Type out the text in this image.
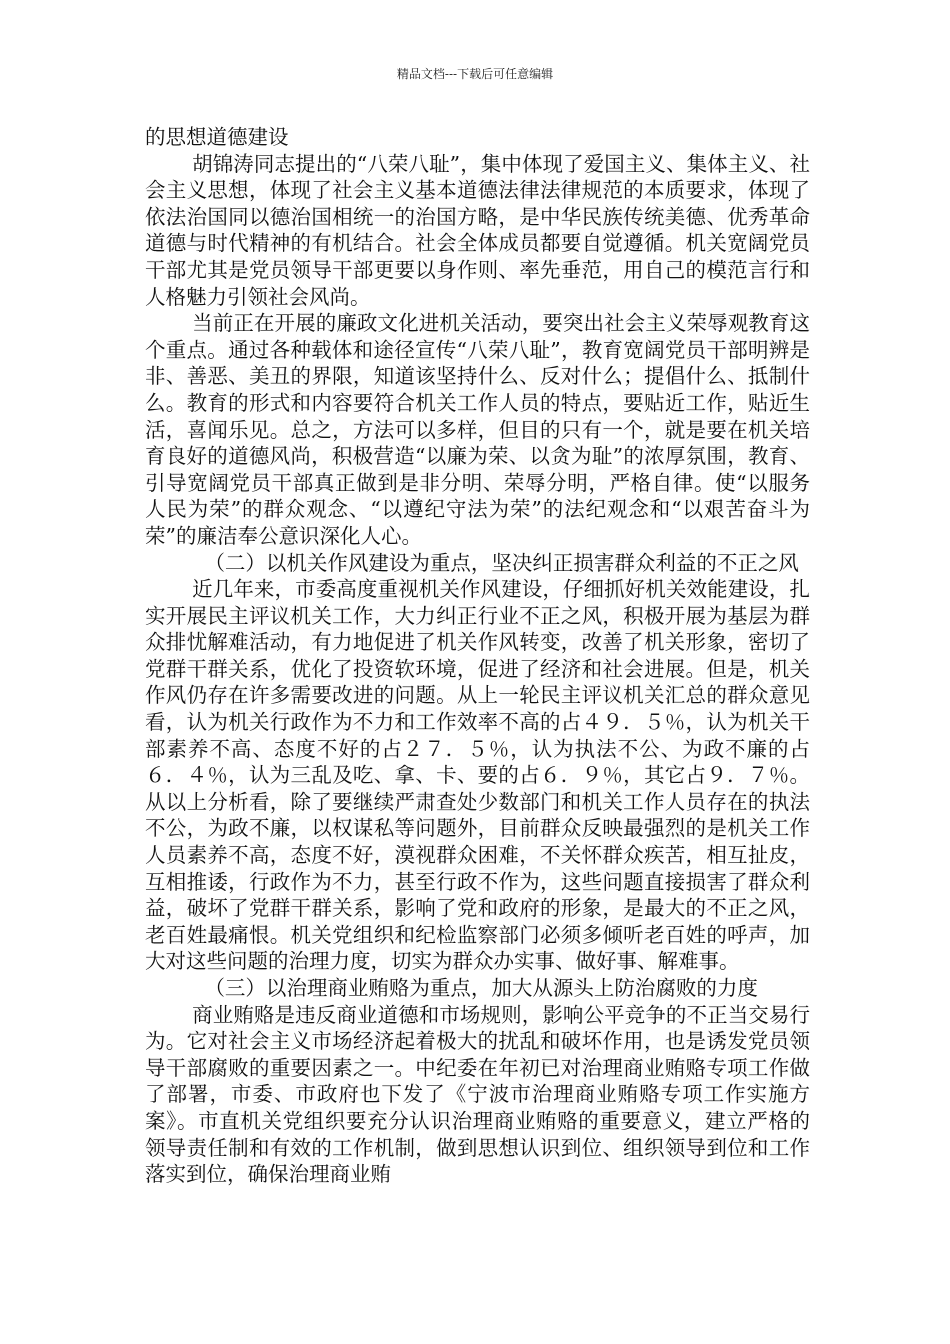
精品文档---下载后可任意编辑

的思想道德建设

胡锦涛同志提出的“八荣八耻”，集中体现了爱国主义、集体主义、社会主义思想，体现了社会主义基本道德法律法律规范的本质要求，体现了依法治国同以德治国相统一的治国方略，是中华民族传统美德、优秀革命道德与时代精神的有机结合。社会全体成员都要自觉遵循。机关宽阔党员干部尤其是党员领导干部更要以身作则、率先垂范，用自己的模范言行和人格魅力引领社会风尚。

当前正在开展的廉政文化进机关活动，要突出社会主义荣辱观教育这个重点。通过各种载体和途径宣传“八荣八耻”，教育宽阔党员干部明辨是非、善恶、美丑的界限，知道该坚持什么、反对什么；提倡什么、抵制什么。教育的形式和内容要符合机关工作人员的特点，要贴近工作，贴近生活，喜闻乐见。总之，方法可以多样，但目的只有一个，就是要在机关培育良好的道德风尚，积极营造“以廉为荣、以贪为耻”的浓厚氛围，教育、引导宽阔党员干部真正做到是非分明、荣辱分明，严格自律。使“以服务人民为荣”的群众观念、“以遵纪守法为荣”的法纪观念和“以艰苦奋斗为荣”的廉洁奉公意识深化人心。

（二）以机关作风建设为重点，坚决纠正损害群众利益的不正之风

近几年来，市委高度重视机关作风建设，仔细抓好机关效能建设，扎实开展民主评议机关工作，大力纠正行业不正之风，积极开展为基层为群众排忧解难活动，有力地促进了机关作风转变，改善了机关形象，密切了党群干群关系，优化了投资软环境，促进了经济和社会进展。但是，机关作风仍存在许多需要改进的问题。从上一轮民主评议机关汇总的群众意见看，认为机关行政作为不力和工作效率不高的占４９．５％，认为机关干部素养不高、态度不好的占２７．５％，认为执法不公、为政不廉的占６．４％，认为三乱及吃、拿、卡、要的占６．９％，其它占９．７％。从以上分析看，除了要继续严肃查处少数部门和机关工作人员存在的执法不公，为政不廉，以权谋私等问题外，目前群众反映最强烈的是机关工作人员素养不高，态度不好，漠视群众困难，不关怀群众疾苦，相互扯皮，互相推诿，行政作为不力，甚至行政不作为，这些问题直接损害了群众利益，破坏了党群干群关系，影响了党和政府的形象，是最大的不正之风，老百姓最痛恨。机关党组织和纪检监察部门必须多倾听老百姓的呼声，加大对这些问题的治理力度，切实为群众办实事、做好事、解难事。

（三）以治理商业贿赂为重点，加大从源头上防治腐败的力度

商业贿赂是违反商业道德和市场规则，影响公平竞争的不正当交易行为。它对社会主义市场经济起着极大的扰乱和破坏作用，也是诱发党员领导干部腐败的重要因素之一。中纪委在年初已对治理商业贿赂专项工作做了部署，市委、市政府也下发了《宁波市治理商业贿赂专项工作实施方案》。市直机关党组织要充分认识治理商业贿赂的重要意义，建立严格的领导责任制和有效的工作机制，做到思想认识到位、组织领导到位和工作落实到位，确保治理商业贿
